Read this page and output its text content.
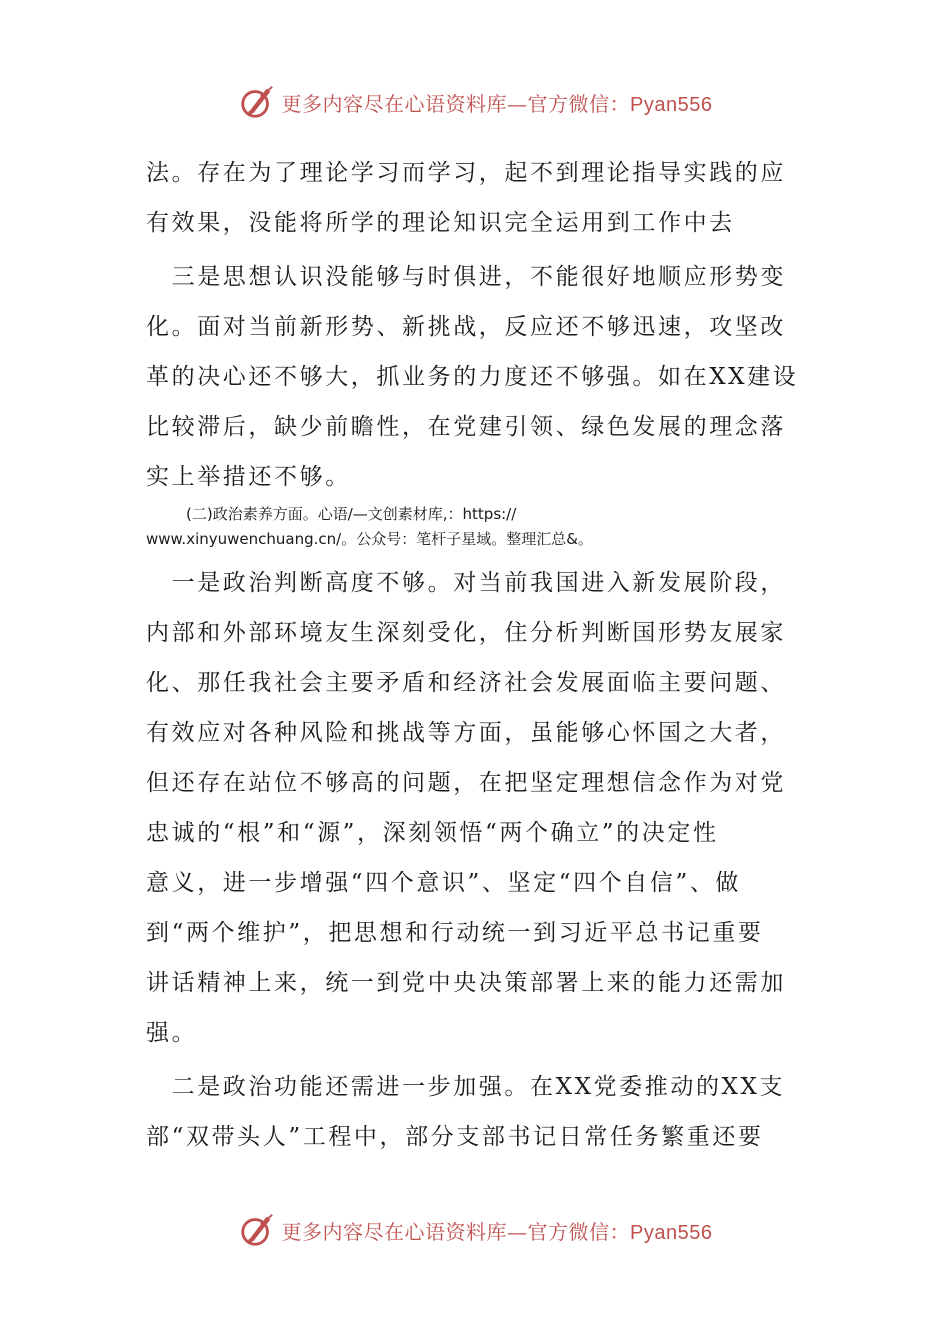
更多内容尽在心语资料库—官方微信：Pyan556

法。存在为了理论学习而学习，起不到理论指导实践的应

有效果，没能将所学的理论知识完全运用到工作中去

　三是思想认识没能够与时俱进，不能很好地顺应形势变

化。面对当前新形势、新挑战，反应还不够迅速，攻坚改

革的决心还不够大，抓业务的力度还不够强。如在XX建设

比较滞后，缺少前瞻性，在党建引领、绿色发展的理念落

实上举措还不够。

(二)政治素养方面。心语/—文创素材库,：https://

www.xinyuwenchuang.cn/。公众号：笔杆子星域。整理汇总&。

　一是政治判断高度不够。对当前我国进入新发展阶段，

内部和外部环境友生深刻受化，住分析判断国形势友展家

化、那任我社会主要矛盾和经济社会发展面临主要问题、

有效应对各种风险和挑战等方面，虽能够心怀国之大者，

但还存在站位不够高的问题，在把坚定理想信念作为对党

忠诚的“根”和“源”，深刻领悟“两个确立”的决定性

意义，进一步增强“四个意识”、坚定“四个自信”、做

到“两个维护”，把思想和行动统一到习近平总书记重要

讲话精神上来，统一到党中央决策部署上来的能力还需加

强。

　二是政治功能还需进一步加强。在XX党委推动的XX支

部“双带头人”工程中，部分支部书记日常任务繁重还要

更多内容尽在心语资料库—官方微信：Pyan556
